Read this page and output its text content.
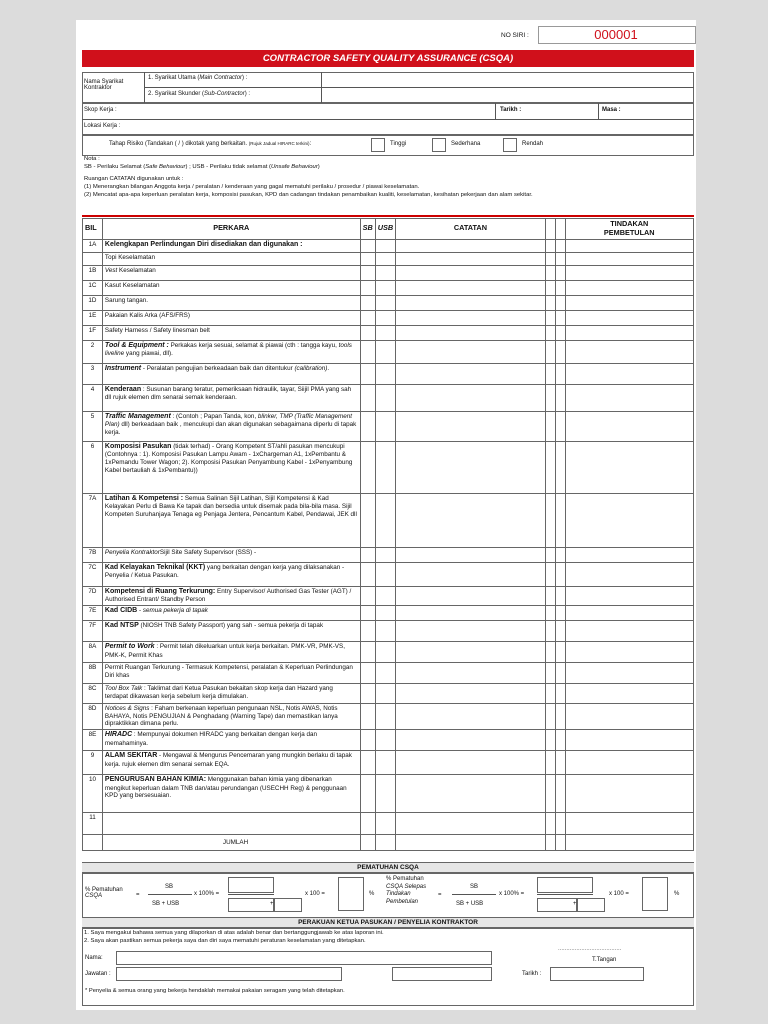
NO SIRI :	000001
CONTRACTOR SAFETY QUALITY ASSURANCE (CSQA)
Nama Syarikat
Kontraktor
1. Syarikat Utama (Main Contractor) :
2. Syarikat Skunder (Sub-Contractor) :
Skop Kerja :	Tarikh :	Masa :
Lokasi Kerja :
Tahap Risiko (Tandakan ( / ) dikotak yang berkaitan. (Rujuk Jadual HIRARC terkini):	Tinggi	Sederhana	Rendah
Nota :
SB - Perilaku Selamat (Safe Behaviour) ; USB - Perilaku tidak selamat (Unsafe Behaviour)
Ruangan CATATAN digunakan untuk :
(1) Menerangkan bilangan Anggota kerja / peralatan / kenderaan yang gagal mematuhi perilaku / prosedur / piawai keselamatan.
(2) Mencatat apa-apa keperluan peralatan kerja, komposisi pasukan, KPD dan cadangan tindakan penambaikan kualiti, keselamatan, kesihatan pekerjaan dan alam sekitar.
BIL	PERKARA	SB	USB	CATATAN			TINDAKAN
PEMBETULAN

1A	Kelengkapan Perlindungan Diri disediakan dan digunakan :						
	Topi Keselamatan						
1B	Vest Keselamatan						
1C	Kasut Keselamatan						
1D	Sarung tangan.						
1E	Pakaian Kalis Arka (AFS/FRS)						
1F	Safety Harness / Safety linesman belt						
2	Tool & Equipment : Perkakas kerja sesuai, selamat & piawai (cth : tangga kayu, tools liveline yang piawai, dll).						
3	Instrument - Peralatan pengujian berkeadaan baik dan ditentukur (calibration).						
4	Kenderaan : Susunan barang teratur, pemeriksaan hidraulik, tayar, Siijil PMA yang sah dll rujuk elemen dlm senarai semak kenderaan.						
5	Traffic Management : (Contoh ; Papan Tanda, kon, blinker, TMP (Traffic Management Plan) dll) berkeadaan baik , mencukupi dan akan digunakan sebagaimana diperlu di tapak kerja.						
6	Komposisi Pasukan (tidak terhad) - Orang Kompetent ST/ahli pasukan mencukupi (Contohnya : 1). Komposisi Pasukan Lampu Awam - 1xChargeman A1, 1xPembantu & 1xPemandu Tower Wagon; 2). Komposisi Pasukan Penyambung Kabel - 1xPenyambung Kabel bertauliah & 1xPembantu))						
7A	Latihan & Kompetensi : Semua Salinan Sijil Latihan, Sijil Kompetensi & Kad Kelayakan Perlu di Bawa Ke tapak dan bersedia untuk disemak pada bila-bila masa. Sijil Kompeten Suruhanjaya Tenaga eg Penjaga Jentera, Pencantum Kabel, Pendawai, JEK dll						
7B	Penyelia KontraktorSijil Site Safety Supervisor (SSS) -						
7C	Kad Kelayakan Teknikal (KKT) yang berkaitan dengan kerja yang dilaksanakan - Penyelia / Ketua Pasukan.						
7D	Kompetensi di Ruang Terkurung: Entry Supervisor/ Authorised Gas Tester (AGT) / Authorised Entrant/ Standby Person						
7E	Kad CIDB - semua pekerja di tapak						
7F	Kad NTSP (NIOSH TNB Safety Passport) yang sah - semua pekerja di tapak						
8A	Permit to Work : Permit telah dikeluarkan untuk kerja berkaitan. PMK-VR, PMK-VS, PMK-K, Permit Khas						
8B	Permit Ruangan Terkurung - Termasuk Kompetensi, peralatan & Keperluan Perlindungan Diri khas						
8C	Tool Box Talk : Taklimat dari Ketua Pasukan bekaitan skop kerja dan Hazard yang terdapat dikawasan kerja sebelum kerja dimulakan.						
8D	Notices & Signs : Faham berkenaan keperluan pengunaan NSL, Notis AWAS, Notis BAHAYA, Notis PENGUJIAN & Penghadang (Warning Tape) dan memastikan lanya dipraktikkan dimana perlu.						
8E	HIRADC : Mempunyai dokumen HIRADC yang berkaitan dengan kerja dan memahaminya.						
9	ALAM SEKITAR - Mengawal & Mengurus Pencemaran yang mungkin berlaku di tapak kerja. rujuk elemen dlm senarai semak EQA.						
10	PENGURUSAN BAHAN KIMIA: Menggunakan bahan kimia yang dibenarkan mengikut keperluan dalam TNB dan/atau perundangan (USECHH Reg) & penggunaan KPD yang bersesuaian.						
11							
	JUMLAH						
PEMATUHAN CSQA
% Pematuhan
CSQA	=
SB
SB + USB
x 100% =
+
x 100 =	%
% Pematuhan
CSQA Selepas
Tindakan
Pembetulan
=
SB
SB + USB
x 100% =
+
x 100 =	%
PERAKUAN KETUA PASUKAN / PENYELIA KONTRAKTOR
1. Saya mengakui bahawa semua yang dilaporkan di atas adalah benar dan bertanggungjawab ke atas laporan ini.
2. Saya akan pastikan semua pekerja saya dan diri saya mematuhi peraturan keselamatan yang ditetapkan.
Nama:
......................................
T.Tangan
Jawatan :	Tarikh :
* Penyelia & semua orang yang bekerja hendaklah memakai pakaian seragam yang telah ditetapkan.
